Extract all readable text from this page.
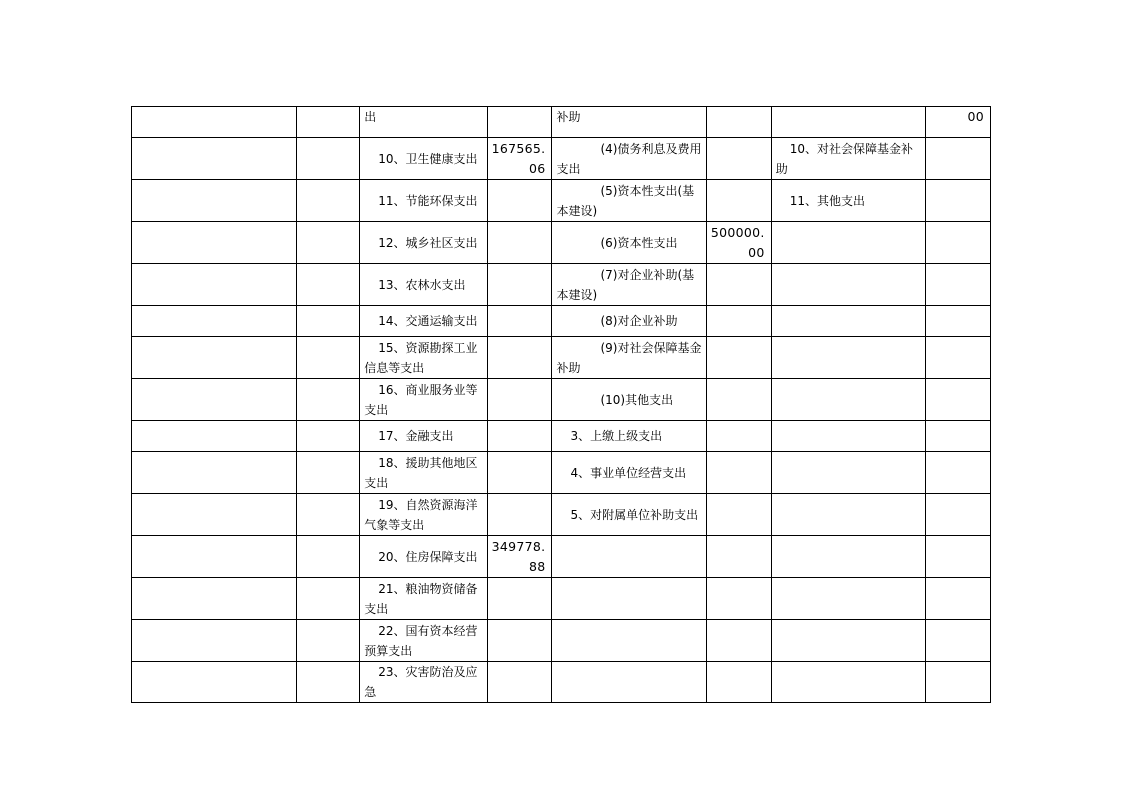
		出		补助			00

		10、卫生健康支出	167565.06	(4)债务利息及费用支出		10、对社会保障基金补助	

		11、节能环保支出		(5)资本性支出(基本建设)		11、其他支出	

		12、城乡社区支出		(6)资本性支出	500000.00		

		13、农林水支出		(7)对企业补助(基本建设)			

		14、交通运输支出		(8)对企业补助			

		15、资源勘探工业信息等支出		(9)对社会保障基金补助			

		16、商业服务业等支出		(10)其他支出			

		17、金融支出		3、上缴上级支出			

		18、援助其他地区支出		4、事业单位经营支出			

		19、自然资源海洋气象等支出		5、对附属单位补助支出			

		20、住房保障支出	349778.88				

		21、粮油物资储备支出					

		22、国有资本经营预算支出					

		23、灾害防治及应急					
